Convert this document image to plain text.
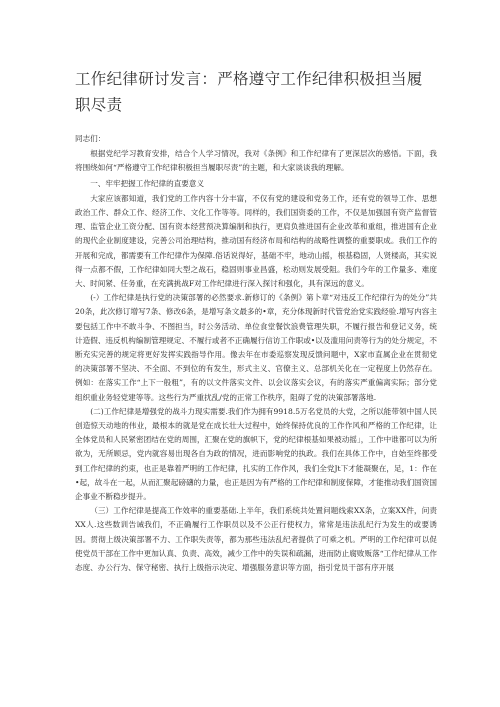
工作纪律研讨发言：严格遵守工作纪律积极担当履职尽责

同志们：

根据党纪学习教育安排，结合个人学习情况，我对《条例》和工作纪律有了更深层次的感悟。下面，我将围绕如何“严格遵守工作纪律积极担当履职尽责”的主题，和大家谈谈我的理解。

一、牢牢把握工作纪律的直要意义

大家应该都知道，我们党的工作内容十分丰富，不仅有党的建设和党务工作，还有党的领导工作、思想政治工作、群众工作、经济工作、文化工作等等。同样的，我们国资委的工作，不仅是加强国有资产监督管理、监管企业工资分配、国有资本经营预决算编制和执行，更肩负推进国有企业改革和重组，推进国有企业的现代企业制度建设，完善公司治理结构，推动国有经济布局和结构的战略性调整的重要职成。我们工作的开展和完成，都需要有工作纪律作为保障.俗话说得好，基础不牢，地动山摇，根基稳固，人贤楼高，其实说得一点都不假，工作纪律如同大型之战石，稳固则事业昌盛，松动则发展受阻。我们今年的工作量多、难度大、时间紧、任务重，在充满挑战F对工作纪律进行深入探讨和强化，具有深远的意义。

(-）工作纪律是执行党的决策部署的必然要求.新修订的《条例》第卜章“对违反工作纪律行为的处分”共20条，此次修订增写7条、修改6条，是增写条文最多的•章，充分体现新时代管党治党实践经验.增写内容主要包括工作中不敢斗争、不图担当，时公务活动、单位食堂餐饮浪费管理失职，不履行报告和登记义务，统计造假、违反机构编制管理规定、不履行或者不正确履行信访工作职或•以及滥用问责等行为的处分规定，不断充实完善的规定将更好发挥实践指导作用。像去年在市委巡察发现反馈问题中，X家市直属企业在贯彻党的决策部署不坚决、不全面、不到位的有发生，形式主义、官僚主义、总部机关化在一定程度上仍然存在。例如：在落实工作“上下一般粗”，有的以文件落实文件、以会议落实会议，有的落实严重偏离实际；部分党组织重业务轻党建等等。这些行为严重扰乱/党的正常工作秩序，阻碍了党的决策部署落地.

(二)工作纪律是增强党的战斗力现实需要.我们作为拥有9918.5万名党员的大党，之所以能带领中国人民创造惊天动地的伟业，最根本的就是党在成长壮大过程中，始终保持优良的工作作风和严格的工作纪律，让全体党员和人民紧密团结在党的周围，汇聚在党的旗帜下，党的纪律根基如果被动摇」，工作中谁都可以为所欲为，无所顾忌，党内就容易出现各自为政的情况，进而影响党的执政。我们在具体工作中，自始至终都受到工作纪律的约束，也正是靠着严明的工作纪律，扎实的工作作风，我们全党Jt下才能凝聚在，足，1：作在•起，故斗在一起，从而汇聚起磅礴的力量，也正是因为有严格的工作纪律和制度保障，才能推动我们国资国企事业不断稳步提升。

（三）工作纪律是提高工作效率的重要基础.上半年，我们系统共处置问题线索XX条，立案XX件，问责XX人.这些数训告诫我们，不正确履行工作职员以及不公正行使权力，常常是违法乱纪行为发生的或要诱因。贯彻上级决策部署不力、工作职失责等，都为那些违法乱纪者提供了可乘之机。严明的工作纪律可以促使党员干部在工作中更加认真、负责、高效，减少工作中的失误和疏漏，进而防止腐败贩落“工作纪律从工作态度、办公行为、保守秘密、执行上级指示决定、增强服务意识等方面，指引党员干部有序开展
